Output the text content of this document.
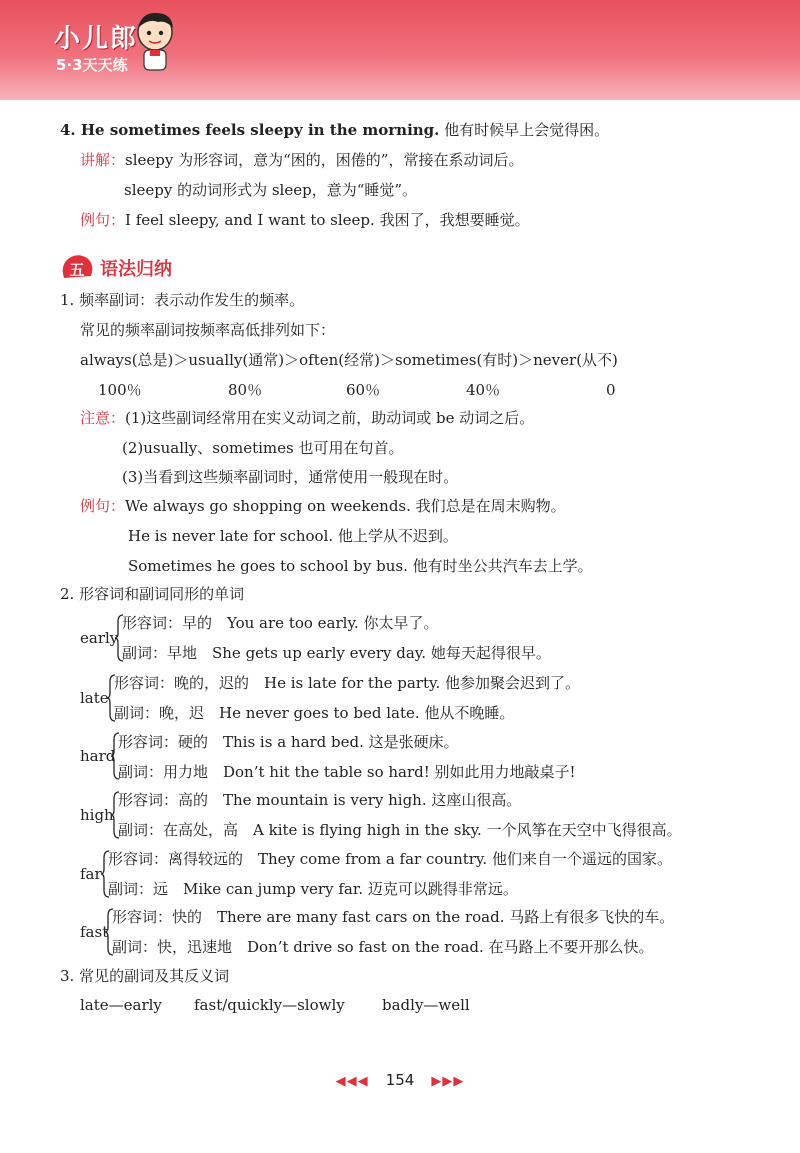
小儿郎
5·3天天练
4. He sometimes feels sleepy in the morning. 他有时候早上会觉得困。
讲解：sleepy 为形容词，意为“困的，困倦的”，常接在系动词后。
sleepy 的动词形式为 sleep，意为“睡觉”。
例句：I feel sleepy, and I want to sleep. 我困了，我想要睡觉。
五 语法归纳
1. 频率副词：表示动作发生的频率。
常见的频率副词按频率高低排列如下：
always(总是)＞usually(通常)＞often(经常)＞sometimes(有时)＞never(从不)
100％	80％	60％	40％	0
注意：(1)这些副词经常用在实义动词之前，助动词或 be 动词之后。
(2)usually、sometimes 也可用在句首。
(3)当看到这些频率副词时，通常使用一般现在时。
例句：We always go shopping on weekends. 我们总是在周末购物。
He is never late for school. 他上学从不迟到。
Sometimes he goes to school by bus. 他有时坐公共汽车去上学。
2. 形容词和副词同形的单词
early
形容词：早的　You are too early. 你太早了。
副词：早地　She gets up early every day. 她每天起得很早。
late
形容词：晚的，迟的　He is late for the party. 他参加聚会迟到了。
副词：晚，迟　He never goes to bed late. 他从不晚睡。
hard
形容词：硬的　This is a hard bed. 这是张硬床。
副词：用力地　Don’t hit the table so hard! 别如此用力地敲桌子!
high
形容词：高的　The mountain is very high. 这座山很高。
副词：在高处，高　A kite is flying high in the sky. 一个风筝在天空中飞得很高。
far
形容词：离得较远的　They come from a far country. 他们来自一个遥远的国家。
副词：远　Mike can jump very far. 迈克可以跳得非常远。
fast
形容词：快的　There are many fast cars on the road. 马路上有很多飞快的车。
副词：快，迅速地　Don’t drive so fast on the road. 在马路上不要开那么快。
3. 常见的副词及其反义词
late—early fast/quickly—slowly badly—well
◀◀◀ 154 ▶▶▶
